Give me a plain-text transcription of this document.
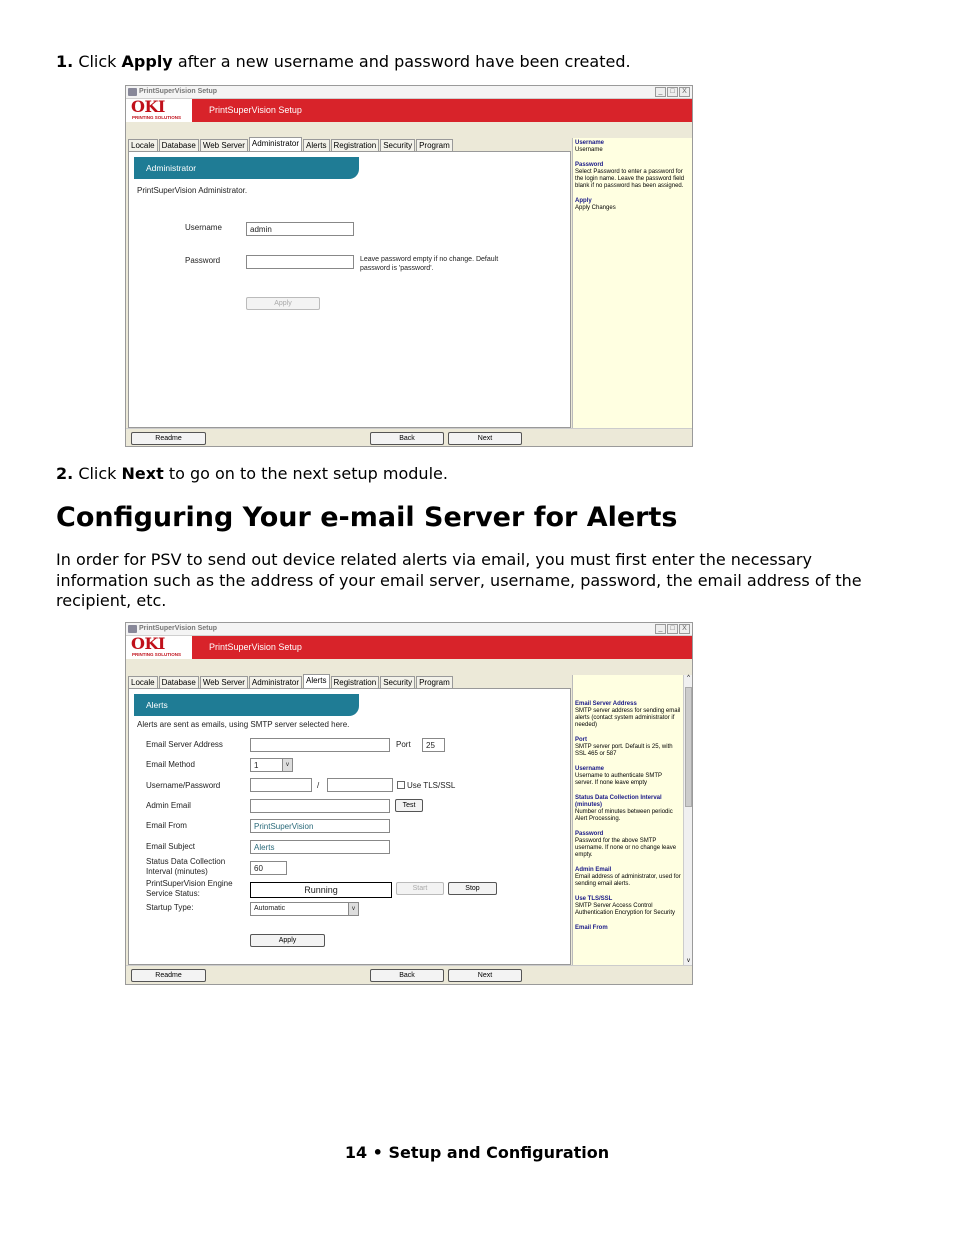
1. Click Apply after a new username and password have been created.
PrintSuperVision Setup	_	□	X
OKI
PRINTING SOLUTIONS
PrintSuperVision Setup
Locale Database Web Server Administrator Alerts Registration Security Program
Administrator
PrintSuperVision Administrator.
Username	admin
Password	Leave password empty if no change. Default
password is 'password'.
Apply
Username
Username
Password
Select Password to enter a password for the login name. Leave the password field blank if no password has been assigned.
Apply
Apply Changes
Readme	Back	Next
2. Click Next to go on to the next setup module.
Configuring Your e-mail Server for Alerts
In order for PSV to send out device related alerts via email, you must first enter the necessary information such as the address of your email server, username, password, the email address of the recipient, etc.
PrintSuperVision Setup	_	□	X
OKI
PRINTING SOLUTIONS
PrintSuperVision Setup
Locale Database Web Server Administrator Alerts Registration Security Program
Alerts
Alerts are sent as emails, using SMTP server selected here.
Email Server Address	Port	25
Email Method	1	v
Username/Password	/	Use TLS/SSL
Admin Email	Test
Email From	PrintSuperVision
Email Subject	Alerts
Status Data Collection
Interval (minutes)	60
PrintSuperVision Engine
Service Status:	Running	Start	Stop
Startup Type:	Automatic	v
Apply
Email Server Address
SMTP server address for sending email alerts (contact system administrator if needed)
Port
SMTP server port. Default is 25, with SSL 465 or 587
Username
Username to authenticate SMTP server. If none leave empty
Status Data Collection Interval (minutes)
Number of minutes between periodic Alert Processing.
Password
Password for the above SMTP username. If none or no change leave empty.
Admin Email
Email address of administrator, used for sending email alerts.
Use TLS/SSL
SMTP Server Access Control Authentication Encryption for Security
Email From
^
v
Readme	Back	Next
14 • Setup and Configuration
